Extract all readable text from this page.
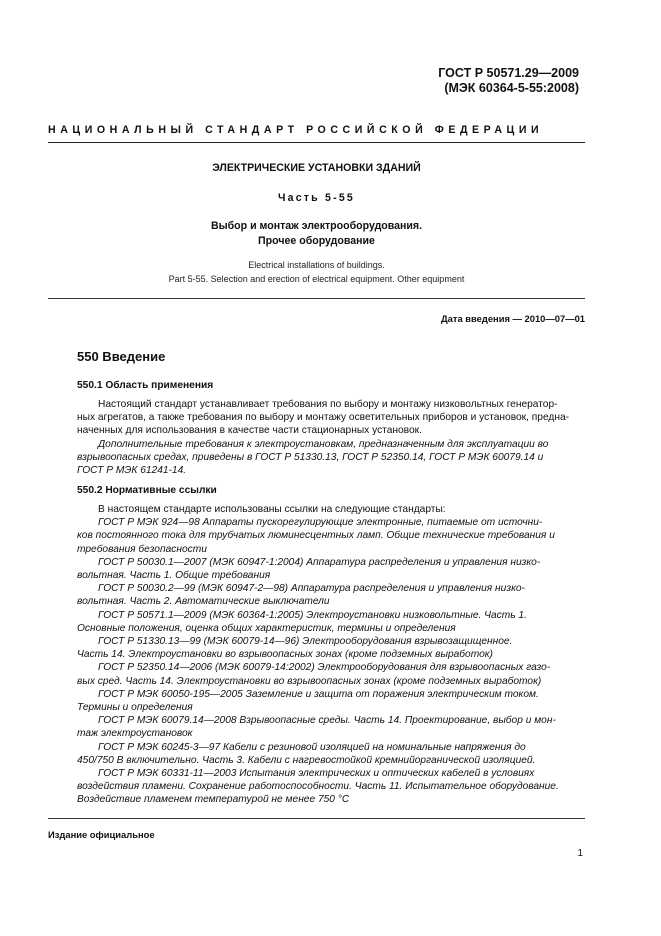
ГОСТ Р 50571.29—2009
(МЭК 60364-5-55:2008)
НАЦИОНАЛЬНЫЙ СТАНДАРТ РОССИЙСКОЙ ФЕДЕРАЦИИ
ЭЛЕКТРИЧЕСКИЕ УСТАНОВКИ ЗДАНИЙ
Часть 5-55
Выбор и монтаж электрооборудования.
Прочее оборудование
Electrical installations of buildings.
Part 5-55. Selection and erection of electrical equipment. Other equipment
Дата введения — 2010—07—01
550 Введение
550.1 Область применения
Настоящий стандарт устанавливает требования по выбору и монтажу низковольтных генератор-
ных агрегатов, а также требования по выбору и монтажу осветительных приборов и установок, предна-
наченных для использования в качестве части стационарных установок.
Дополнительные требования к электроустановкам, предназначенным для эксплуатации во
взрывоопасных средах, приведены в ГОСТ Р 51330.13, ГОСТ Р 52350.14, ГОСТ Р МЭК 60079.14 и
ГОСТ Р МЭК 61241-14.
550.2 Нормативные ссылки
В настоящем стандарте использованы ссылки на следующие стандарты:
ГОСТ Р МЭК 924—98 Аппараты пускорегулирующие электронные, питаемые от источни-
ков постоянного тока для трубчатых люминесцентных ламп. Общие технические требования и
требования безопасности
ГОСТ Р 50030.1—2007 (МЭК 60947-1:2004) Аппаратура распределения и управления низко-
вольтная. Часть 1. Общие требования
ГОСТ Р 50030.2—99 (МЭК 60947-2—98) Аппаратура распределения и управления низко-
вольтная. Часть 2. Автоматические выключатели
ГОСТ Р 50571.1—2009 (МЭК 60364-1:2005) Электроустановки низковольтные. Часть 1.
Основные положения, оценка общих характеристик, термины и определения
ГОСТ Р 51330.13—99 (МЭК 60079-14—96) Электрооборудования взрывозащищенное.
Часть 14. Электроустановки во взрывоопасных зонах (кроме подземных выработок)
ГОСТ Р 52350.14—2006 (МЭК 60079-14:2002) Электрооборудования для взрывоопасных газо-
вых сред. Часть 14. Электроустановки во взрывоопасных зонах (кроме подземных выработок)
ГОСТ Р МЭК 60050-195—2005 Заземление и защита от поражения электрическим током.
Термины и определения
ГОСТ Р МЭК 60079.14—2008 Взрывоопасные среды. Часть 14. Проектирование, выбор и мон-
таж электроустановок
ГОСТ Р МЭК 60245-3—97 Кабели с резиновой изоляцией на номинальные напряжения до
450/750 В включительно. Часть 3. Кабели с нагревостойкой кремнийорганической изоляцией.
ГОСТ Р МЭК 60331-11—2003 Испытания электрических и оптических кабелей в условиях
воздействия пламени. Сохранение работоспособности. Часть 11. Испытательное оборудование.
Воздействие пламенем температурой не менее 750 °С
Издание официальное
1
